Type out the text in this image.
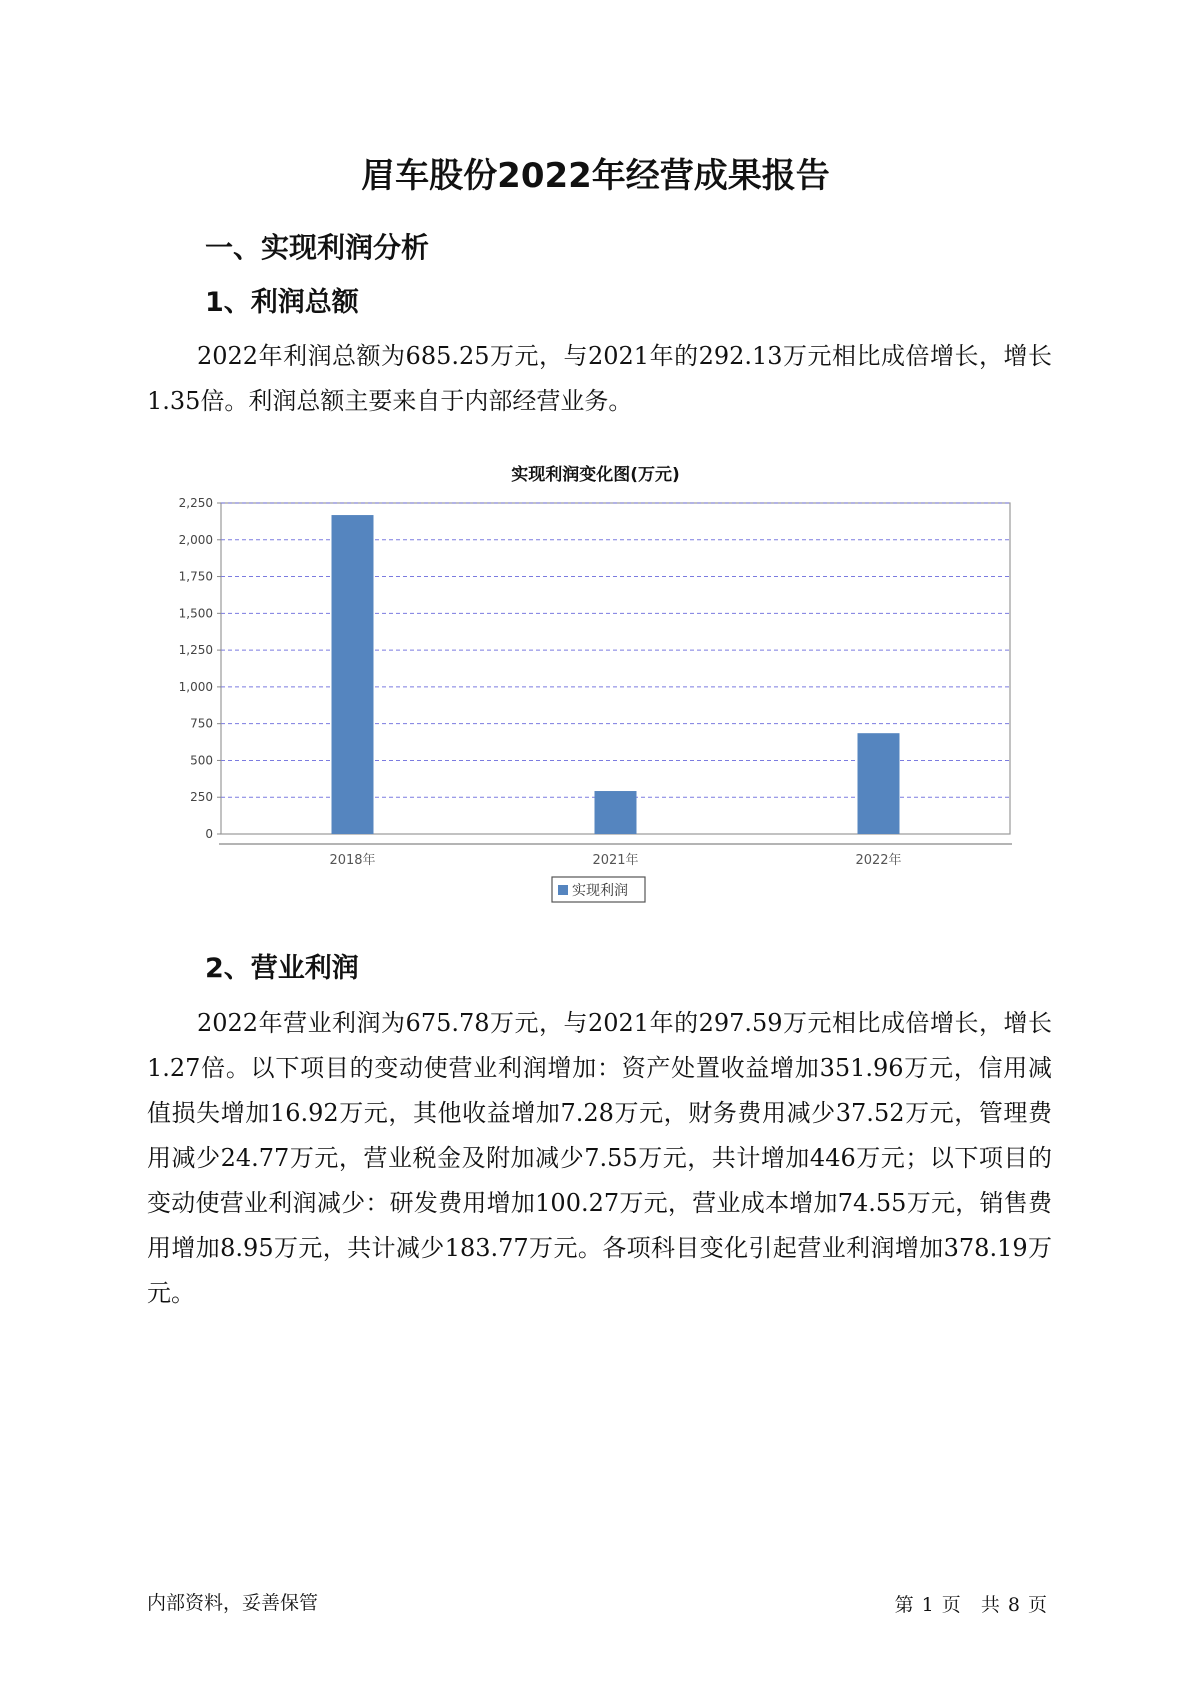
眉车股份2022年经营成果报告
一、实现利润分析
1、利润总额

2022年利润总额为685.25万元，与2021年的292.13万元相比成倍增长，增长1.35倍。利润总额主要来自于内部经营业务。

实现利润变化图(万元)
0
250
500
750
1,000
1,250
1,500
1,750
2,000
2,250
2018年	2021年	2022年
实现利润
2、营业利润

2022年营业利润为675.78万元，与2021年的297.59万元相比成倍增长，增长1.27倍。以下项目的变动使营业利润增加：资产处置收益增加351.96万元，信用减值损失增加16.92万元，其他收益增加7.28万元，财务费用减少37.52万元，管理费用减少24.77万元，营业税金及附加减少7.55万元，共计增加446万元；以下项目的变动使营业利润减少：研发费用增加100.27万元，营业成本增加74.55万元，销售费用增加8.95万元，共计减少183.77万元。各项科目变化引起营业利润增加378.19万元。

内部资料，妥善保管	第 1 页 共 8 页
